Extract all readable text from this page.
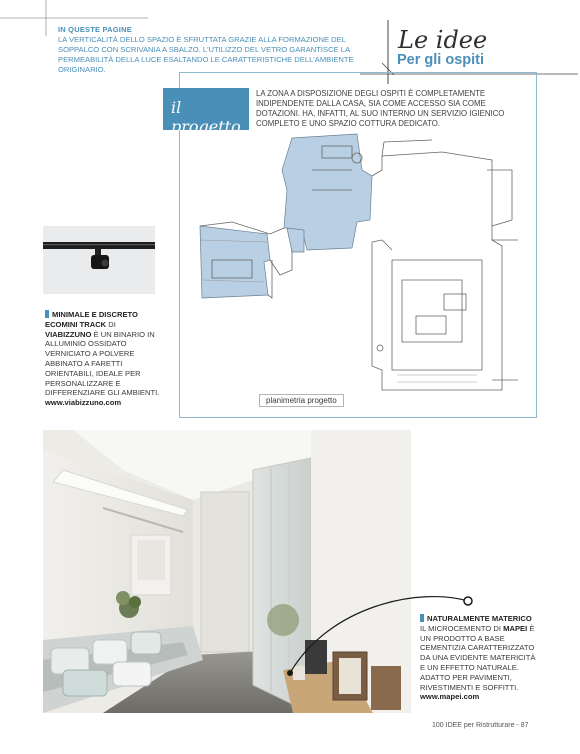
IN QUESTE PAGINE
LA VERTICALITÀ DELLO SPAZIO È SFRUTTATA GRAZIE ALLA FORMAZIONE DEL SOPPALCO CON SCRIVANIA A SBALZO. L'UTILIZZO DEL VETRO GARANTISCE LA PERMEABILITÀ DELLA LUCE ESALTANDO LE CARATTERISTICHE DELL'AMBIENTE ORIGINARIO.
Le idee
Per gli ospiti
il progetto
LA ZONA A DISPOSIZIONE DEGLI OSPITI È COMPLETAMENTE INDIPENDENTE DALLA CASA, SIA COME ACCESSO SIA COME DOTAZIONI. HA, INFATTI, AL SUO INTERNO UN SERVIZIO IGIENICO COMPLETO E UNO SPAZIO COTTURA DEDICATO.
planimetria progetto
MINIMALE E DISCRETO
ECOMINI TRACK DI VIABIZZUNO È UN BINARIO IN ALLUMINIO OSSIDATO VERNICIATO A POLVERE ABBINATO A FARETTI ORIENTABILI, IDEALE PER PERSONALIZZARE E DIFFERENZIARE GLI AMBIENTI.
www.viabizzuno.com
NATURALMENTE MATERICO
IL MICROCEMENTO DI MAPEI È UN PRODOTTO A BASE CEMENTIZIA CARATTERIZZATO DA UNA EVIDENTE MATERICITÀ E UN EFFETTO NATURALE. ADATTO PER PAVIMENTI, RIVESTIMENTI E SOFFITTI.
www.mapei.com
100 IDEE per Ristrutturare - 87
